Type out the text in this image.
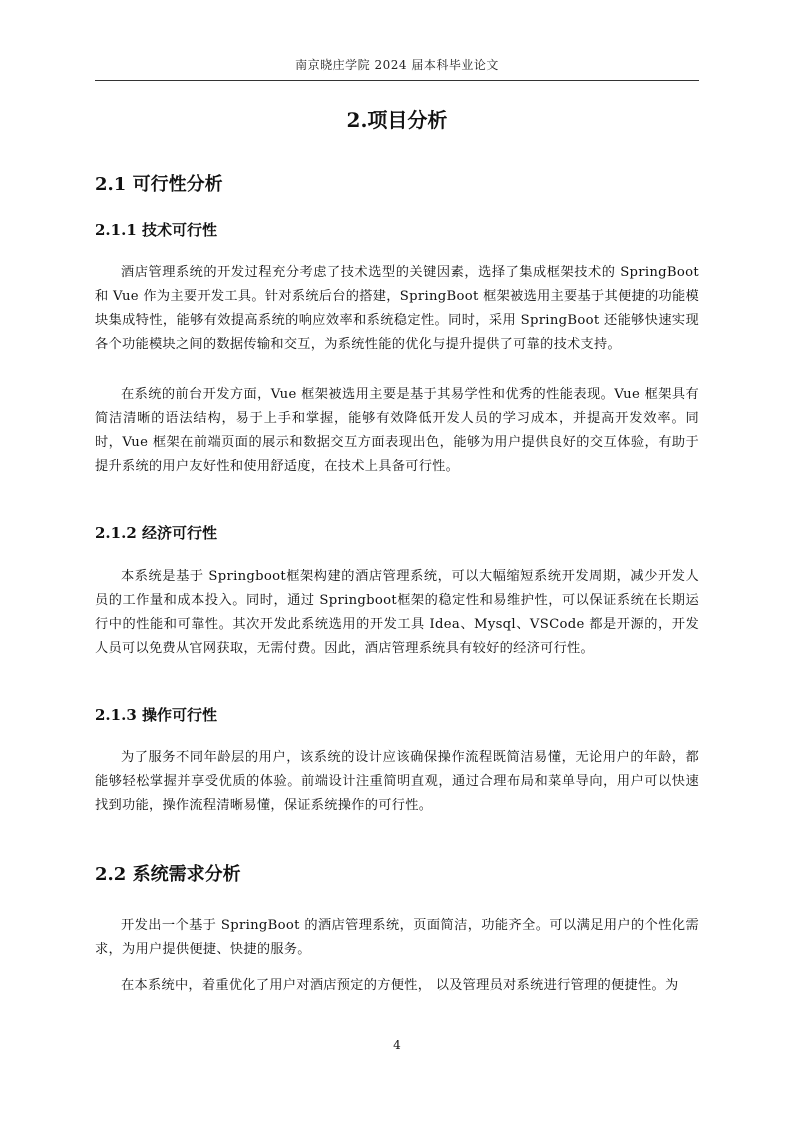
南京晓庄学院 2024 届本科毕业论文
2.项目分析
2.1 可行性分析
2.1.1 技术可行性

酒店管理系统的开发过程充分考虑了技术选型的关键因素，选择了集成框架技术的 SpringBoot 和 Vue 作为主要开发工具。针对系统后台的搭建，SpringBoot 框架被选用主要基于其便捷的功能模块集成特性，能够有效提高系统的响应效率和系统稳定性。同时，采用 SpringBoot 还能够快速实现各个功能模块之间的数据传输和交互，为系统性能的优化与提升提供了可靠的技术支持。

在系统的前台开发方面，Vue 框架被选用主要是基于其易学性和优秀的性能表现。Vue 框架具有简洁清晰的语法结构，易于上手和掌握，能够有效降低开发人员的学习成本，并提高开发效率。同时，Vue 框架在前端页面的展示和数据交互方面表现出色，能够为用户提供良好的交互体验，有助于提升系统的用户友好性和使用舒适度，在技术上具备可行性。

2.1.2 经济可行性

本系统是基于 Springboot框架构建的酒店管理系统，可以大幅缩短系统开发周期，减少开发人员的工作量和成本投入。同时，通过 Springboot框架的稳定性和易维护性，可以保证系统在长期运行中的性能和可靠性。其次开发此系统选用的开发工具 Idea、Mysql、VSCode 都是开源的，开发人员可以免费从官网获取，无需付费。因此，酒店管理系统具有较好的经济可行性。

2.1.3 操作可行性

为了服务不同年龄层的用户，该系统的设计应该确保操作流程既简洁易懂，无论用户的年龄，都能够轻松掌握并享受优质的体验。前端设计注重简明直观，通过合理布局和菜单导向，用户可以快速找到功能，操作流程清晰易懂，保证系统操作的可行性。

2.2 系统需求分析

开发出一个基于 SpringBoot 的酒店管理系统，页面简洁，功能齐全。可以满足用户的个性化需求，为用户提供便捷、快捷的服务。

在本系统中，着重优化了用户对酒店预定的方便性， 以及管理员对系统进行管理的便捷性。为

4
